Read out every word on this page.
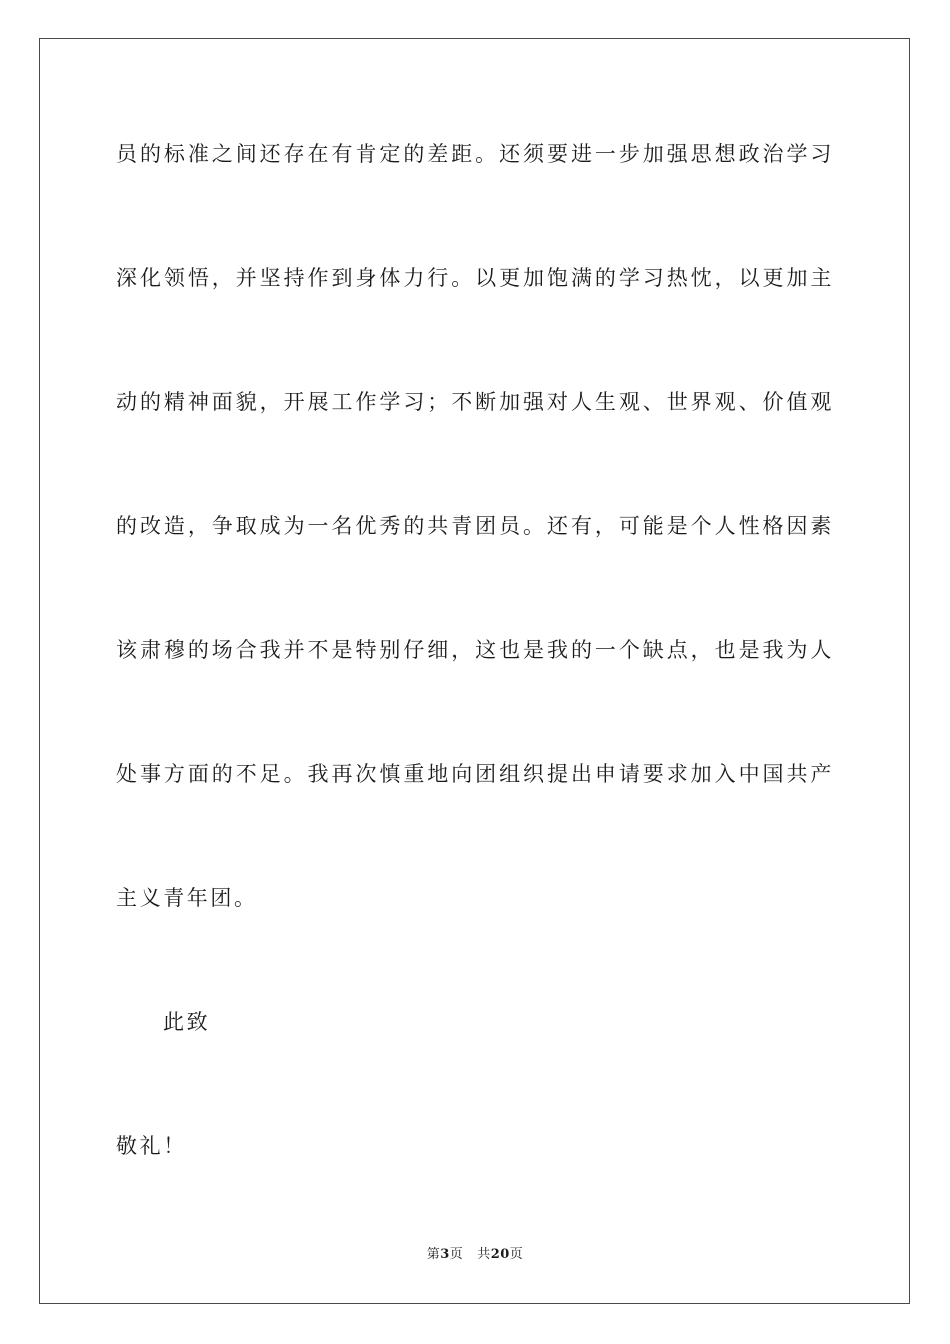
员的标准之间还存在有肯定的差距。还须要进一步加强思想政治学习
深化领悟，并坚持作到身体力行。以更加饱满的学习热忱，以更加主
动的精神面貌，开展工作学习；不断加强对人生观、世界观、价值观
的改造，争取成为一名优秀的共青团员。还有，可能是个人性格因素
该肃穆的场合我并不是特别仔细，这也是我的一个缺点，也是我为人
处事方面的不足。我再次慎重地向团组织提出申请要求加入中国共产
主义青年团。
此致
敬礼！
第3页 共20页
